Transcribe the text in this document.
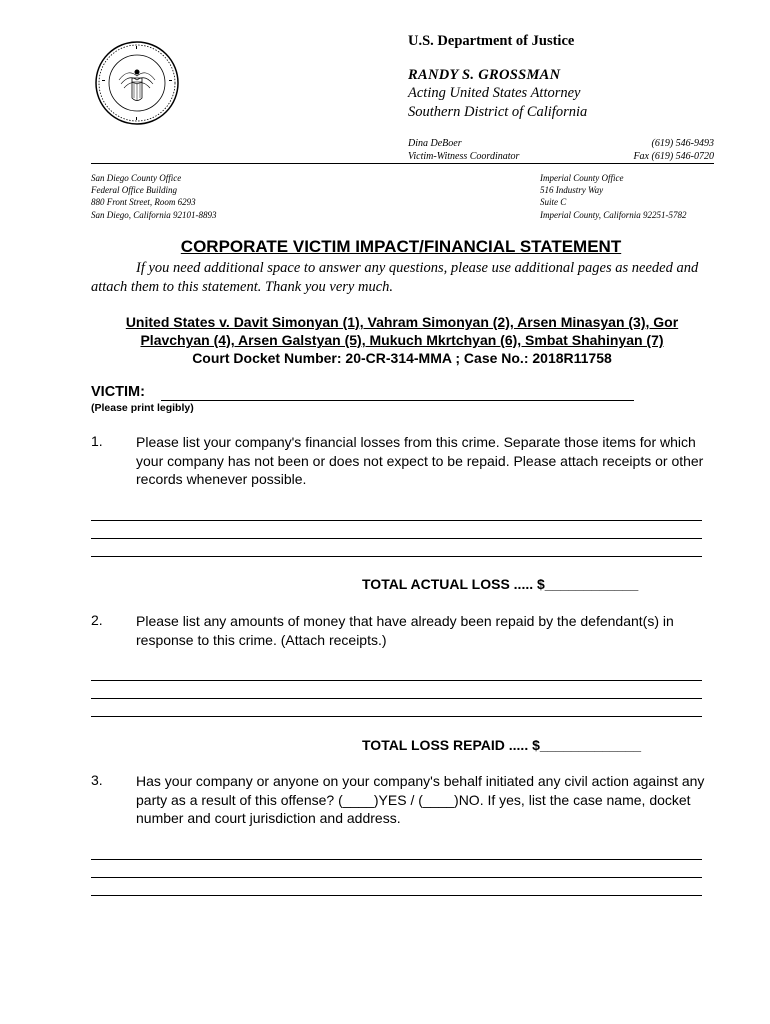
U.S. Department of Justice
RANDY S. GROSSMAN
Acting United States Attorney
Southern District of California
Dina DeBoer
Victim-Witness Coordinator
(619) 546-9493
Fax (619) 546-0720
San Diego County Office
Federal Office Building
880 Front Street, Room 6293
San Diego, California 92101-8893
Imperial County Office
516 Industry Way
Suite C
Imperial County, California 92251-5782
CORPORATE VICTIM IMPACT/FINANCIAL STATEMENT
If you need additional space to answer any questions, please use additional pages as needed and attach them to this statement. Thank you very much.
United States v. Davit Simonyan (1), Vahram Simonyan (2), Arsen Minasyan (3), Gor
Plavchyan (4), Arsen Galstyan (5), Mukuch Mkrtchyan (6), Smbat Shahinyan (7)
Court Docket Number: 20-CR-314-MMA ; Case No.: 2018R11758
VICTIM:
(Please print legibly)
1. Please list your company's financial losses from this crime. Separate those items for which your company has not been or does not expect to be repaid. Please attach receipts or other records whenever possible.
TOTAL ACTUAL LOSS ..... $____________
2. Please list any amounts of money that have already been repaid by the defendant(s) in response to this crime. (Attach receipts.)
TOTAL LOSS REPAID ..... $_____________
3. Has your company or anyone on your company's behalf initiated any civil action against any party as a result of this offense? (____)YES / (____)NO. If yes, list the case name, docket number and court jurisdiction and address.
